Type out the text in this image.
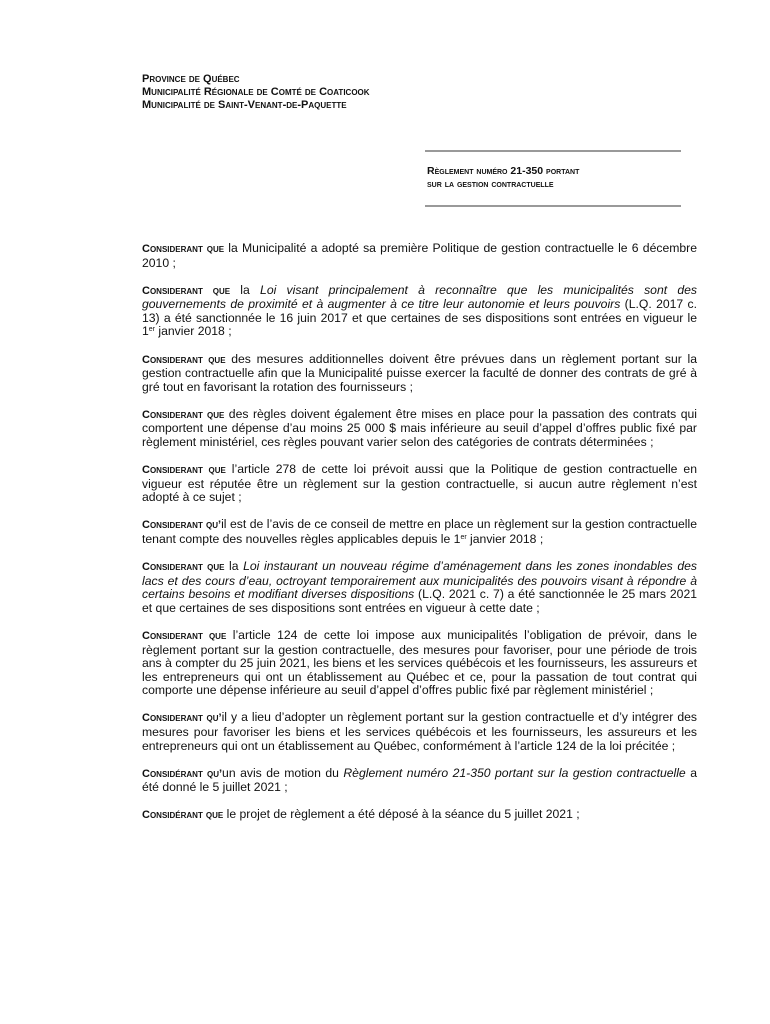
Province de Québec
Municipalité Régionale de Comté de Coaticook
Municipalité de Saint-Venant-de-Paquette
Règlement numéro 21-350 portant
sur la gestion contractuelle

Considerant que la Municipalité a adopté sa première Politique de gestion contractuelle le 6 décembre 2010 ;

Considerant que la Loi visant principalement à reconnaître que les municipalités sont des gouvernements de proximité et à augmenter à ce titre leur autonomie et leurs pouvoirs (L.Q. 2017 c. 13) a été sanctionnée le 16 juin 2017 et que certaines de ses dispositions sont entrées en vigueur le 1er janvier 2018 ;

Considerant que des mesures additionnelles doivent être prévues dans un règlement portant sur la gestion contractuelle afin que la Municipalité puisse exercer la faculté de donner des contrats de gré à gré tout en favorisant la rotation des fournisseurs ;

Considerant que des règles doivent également être mises en place pour la passation des contrats qui comportent une dépense d’au moins 25 000 $ mais inférieure au seuil d’appel d’offres public fixé par règlement ministériel, ces règles pouvant varier selon des catégories de contrats déterminées ;

Considerant que l’article 278 de cette loi prévoit aussi que la Politique de gestion contractuelle en vigueur est réputée être un règlement sur la gestion contractuelle, si aucun autre règlement n’est adopté à ce sujet ;

Considerant qu’il est de l’avis de ce conseil de mettre en place un règlement sur la gestion contractuelle tenant compte des nouvelles règles applicables depuis le 1er janvier 2018 ;

Considerant que la Loi instaurant un nouveau régime d’aménagement dans les zones inondables des lacs et des cours d’eau, octroyant temporairement aux municipalités des pouvoirs visant à répondre à certains besoins et modifiant diverses dispositions (L.Q. 2021 c. 7) a été sanctionnée le 25 mars 2021 et que certaines de ses dispositions sont entrées en vigueur à cette date ;

Considerant que l’article 124 de cette loi impose aux municipalités l’obligation de prévoir, dans le règlement portant sur la gestion contractuelle, des mesures pour favoriser, pour une période de trois ans à compter du 25 juin 2021, les biens et les services québécois et les fournisseurs, les assureurs et les entrepreneurs qui ont un établissement au Québec et ce, pour la passation de tout contrat qui comporte une dépense inférieure au seuil d’appel d’offres public fixé par règlement ministériel ;

Considerant qu’il y a lieu d’adopter un règlement portant sur la gestion contractuelle et d’y intégrer des mesures pour favoriser les biens et les services québécois et les fournisseurs, les assureurs et les entrepreneurs qui ont un établissement au Québec, conformément à l’article 124 de la loi précitée ;

Considérant qu’un avis de motion du Règlement numéro 21-350 portant sur la gestion contractuelle a été donné le 5 juillet 2021 ;

Considérant que le projet de règlement a été déposé à la séance du 5 juillet 2021 ;
